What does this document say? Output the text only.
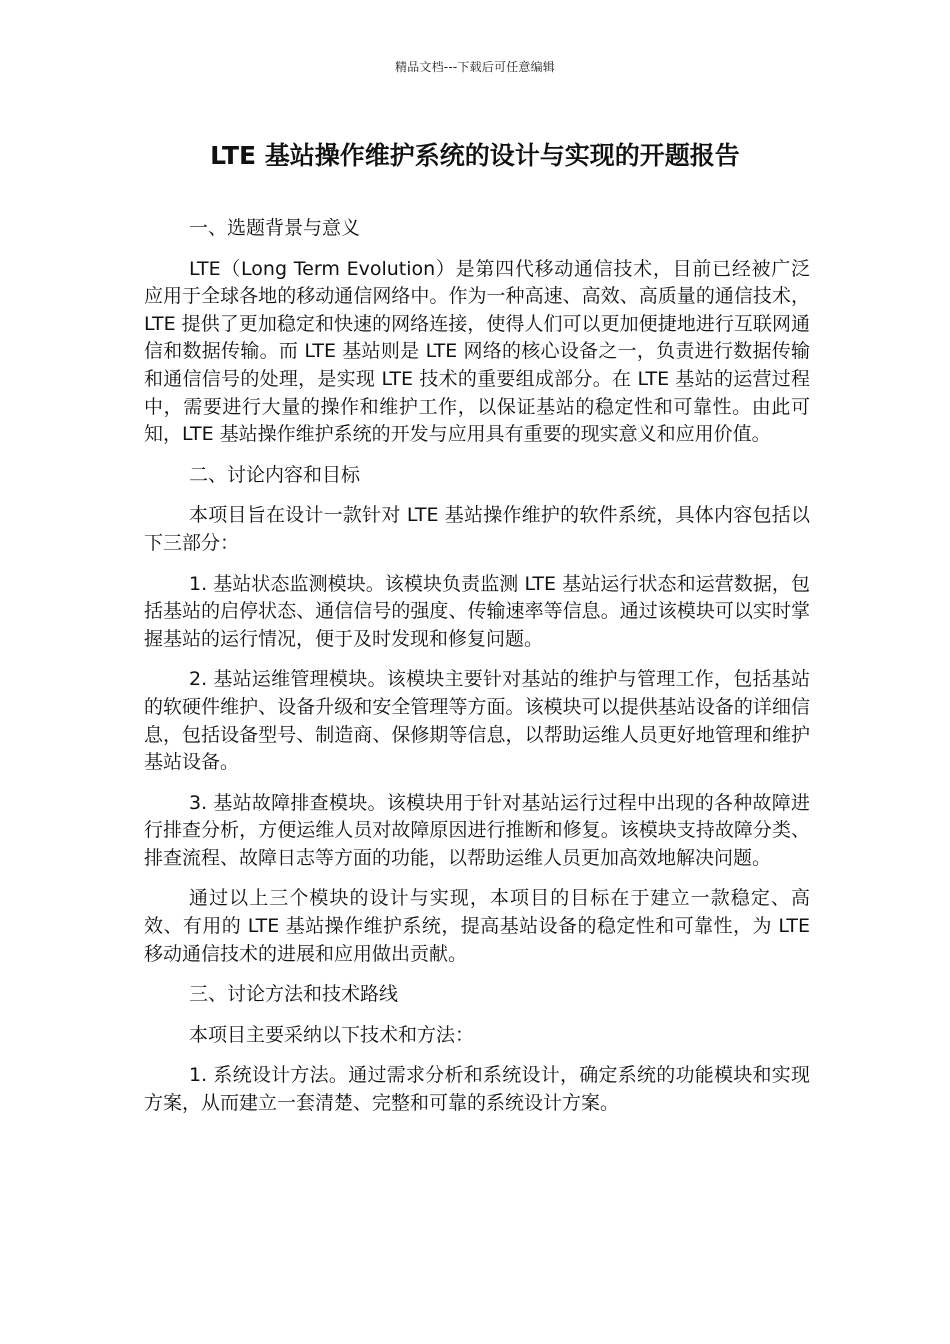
精品文档---下载后可任意编辑
LTE 基站操作维护系统的设计与实现的开题报告

一、选题背景与意义

LTE（Long Term Evolution）是第四代移动通信技术，目前已经被广泛应用于全球各地的移动通信网络中。作为一种高速、高效、高质量的通信技术，LTE 提供了更加稳定和快速的网络连接，使得人们可以更加便捷地进行互联网通信和数据传输。而 LTE 基站则是 LTE 网络的核心设备之一，负责进行数据传输和通信信号的处理，是实现 LTE 技术的重要组成部分。在 LTE 基站的运营过程中，需要进行大量的操作和维护工作，以保证基站的稳定性和可靠性。由此可知，LTE 基站操作维护系统的开发与应用具有重要的现实意义和应用价值。

二、讨论内容和目标

本项目旨在设计一款针对 LTE 基站操作维护的软件系统，具体内容包括以下三部分：

1. 基站状态监测模块。该模块负责监测 LTE 基站运行状态和运营数据，包括基站的启停状态、通信信号的强度、传输速率等信息。通过该模块可以实时掌握基站的运行情况，便于及时发现和修复问题。

2. 基站运维管理模块。该模块主要针对基站的维护与管理工作，包括基站的软硬件维护、设备升级和安全管理等方面。该模块可以提供基站设备的详细信息，包括设备型号、制造商、保修期等信息，以帮助运维人员更好地管理和维护基站设备。

3. 基站故障排查模块。该模块用于针对基站运行过程中出现的各种故障进行排查分析，方便运维人员对故障原因进行推断和修复。该模块支持故障分类、排查流程、故障日志等方面的功能，以帮助运维人员更加高效地解决问题。

通过以上三个模块的设计与实现，本项目的目标在于建立一款稳定、高效、有用的 LTE 基站操作维护系统，提高基站设备的稳定性和可靠性，为 LTE 移动通信技术的进展和应用做出贡献。

三、讨论方法和技术路线

本项目主要采纳以下技术和方法：

1. 系统设计方法。通过需求分析和系统设计，确定系统的功能模块和实现方案，从而建立一套清楚、完整和可靠的系统设计方案。
